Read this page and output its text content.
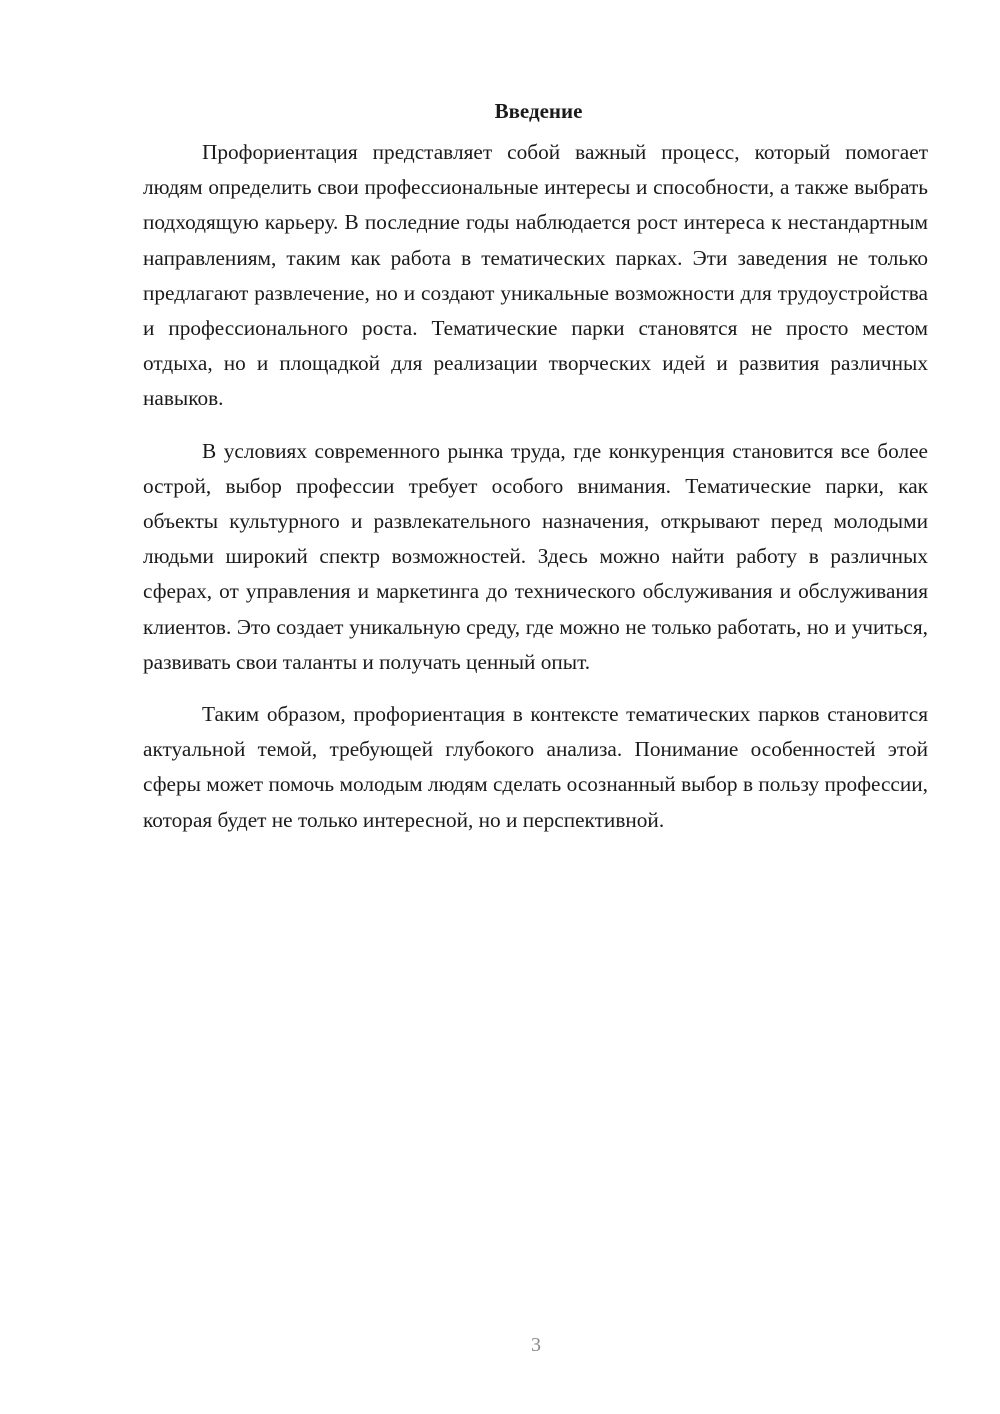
Введение

Профориентация представляет собой важный процесс, который помогает людям определить свои профессиональные интересы и способности, а также выбрать подходящую карьеру. В последние годы наблюдается рост интереса к нестандартным направлениям, таким как работа в тематических парках. Эти заведения не только предлагают развлечение, но и создают уникальные возможности для трудоустройства и профессионального роста. Тематические парки становятся не просто местом отдыха, но и площадкой для реализации творческих идей и развития различных навыков.

В условиях современного рынка труда, где конкуренция становится все более острой, выбор профессии требует особого внимания. Тематические парки, как объекты культурного и развлекательного назначения, открывают перед молодыми людьми широкий спектр возможностей. Здесь можно найти работу в различных сферах, от управления и маркетинга до технического обслуживания и обслуживания клиентов. Это создает уникальную среду, где можно не только работать, но и учиться, развивать свои таланты и получать ценный опыт.

Таким образом, профориентация в контексте тематических парков становится актуальной темой, требующей глубокого анализа. Понимание особенностей этой сферы может помочь молодым людям сделать осознанный выбор в пользу профессии, которая будет не только интересной, но и перспективной.

3
